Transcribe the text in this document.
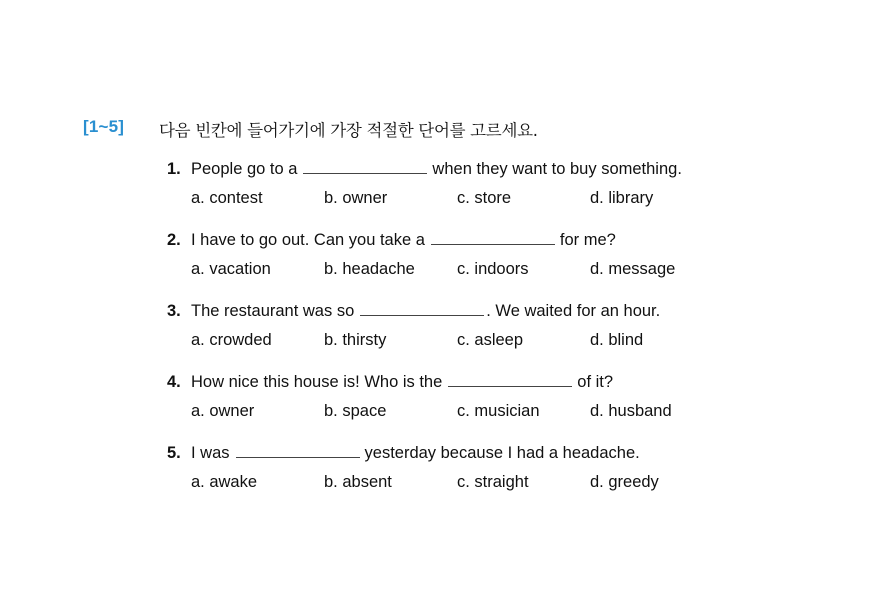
[1~5] 다음 빈칸에 들어가기에 가장 적절한 단어를 고르세요.
1. People go to a	when they want to buy something.
a. contest	b. owner	c. store	d. library
2. I have to go out. Can you take a	for me?
a. vacation	b. headache	c. indoors	d. message
3. The restaurant was so	. We waited for an hour.
a. crowded	b. thirsty	c. asleep	d. blind
4. How nice this house is! Who is the	of it?
a. owner	b. space	c. musician	d. husband
5. I was	yesterday because I had a headache.
a. awake	b. absent	c. straight	d. greedy
